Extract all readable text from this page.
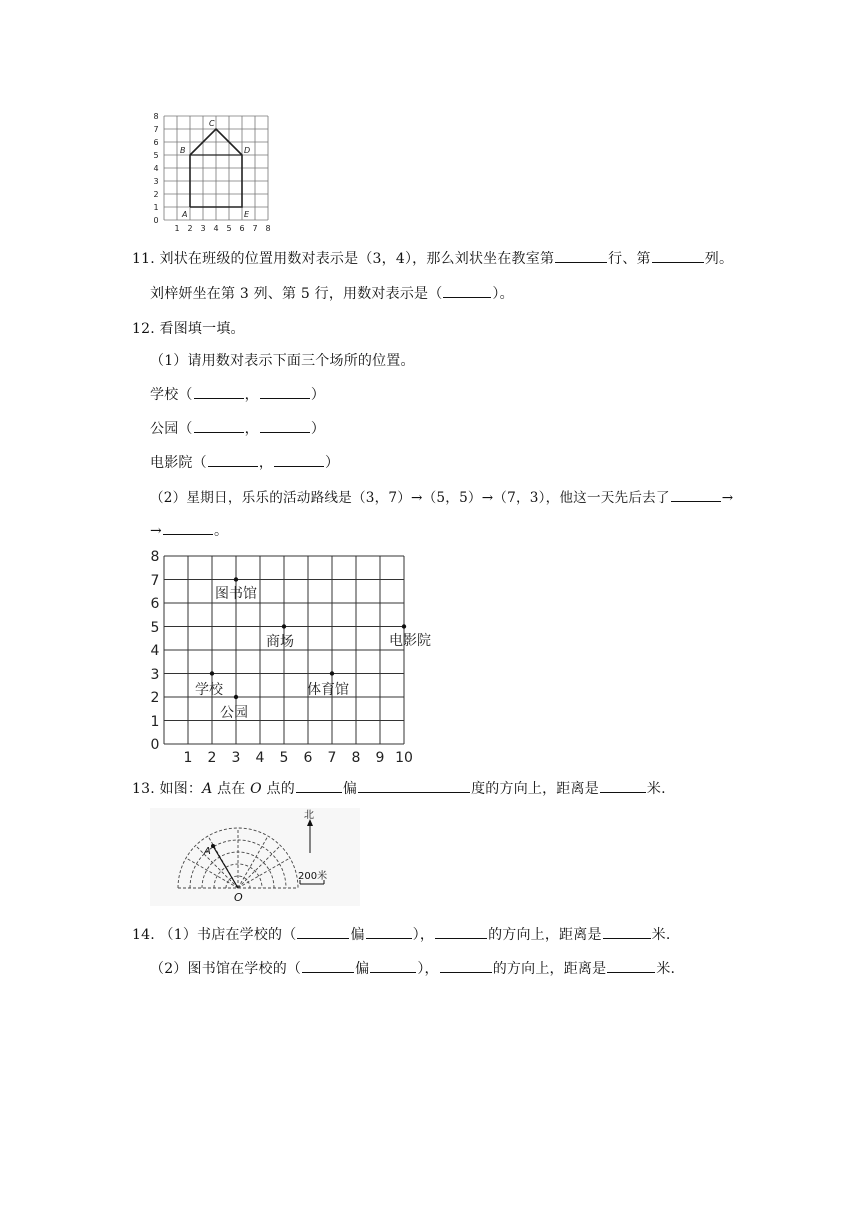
0
1
2
3
4
5
6
7
8
1 2 3 4 5 6 7 8
A
B
C
D
E
11. 刘状在班级的位置用数对表示是（3，4），那么刘状坐在教室第	行、第	列。
刘梓妍坐在第 3 列、第 5 行，用数对表示是（	）。
12. 看图填一填。
（1）请用数对表示下面三个场所的位置。
学校（	，	）
公园（	，	）
电影院（	，	）
（2）星期日，乐乐的活动路线是（3，7）→（5，5）→（7，3），他这一天先后去了	→
→	。
图书馆
商场	电影院
学校	体育馆
公园
0
1
2
3
4
5
6
7
8
1 2 3 4 5 6 7 8 9 10
13. 如图：A 点在 O 点的	偏	度的方向上，距离是	米.
北
200米
A
O
14. （1）书店在学校的（	偏	），	的方向上，距离是	米.
（2）图书馆在学校的（	偏	），	的方向上，距离是	米.
